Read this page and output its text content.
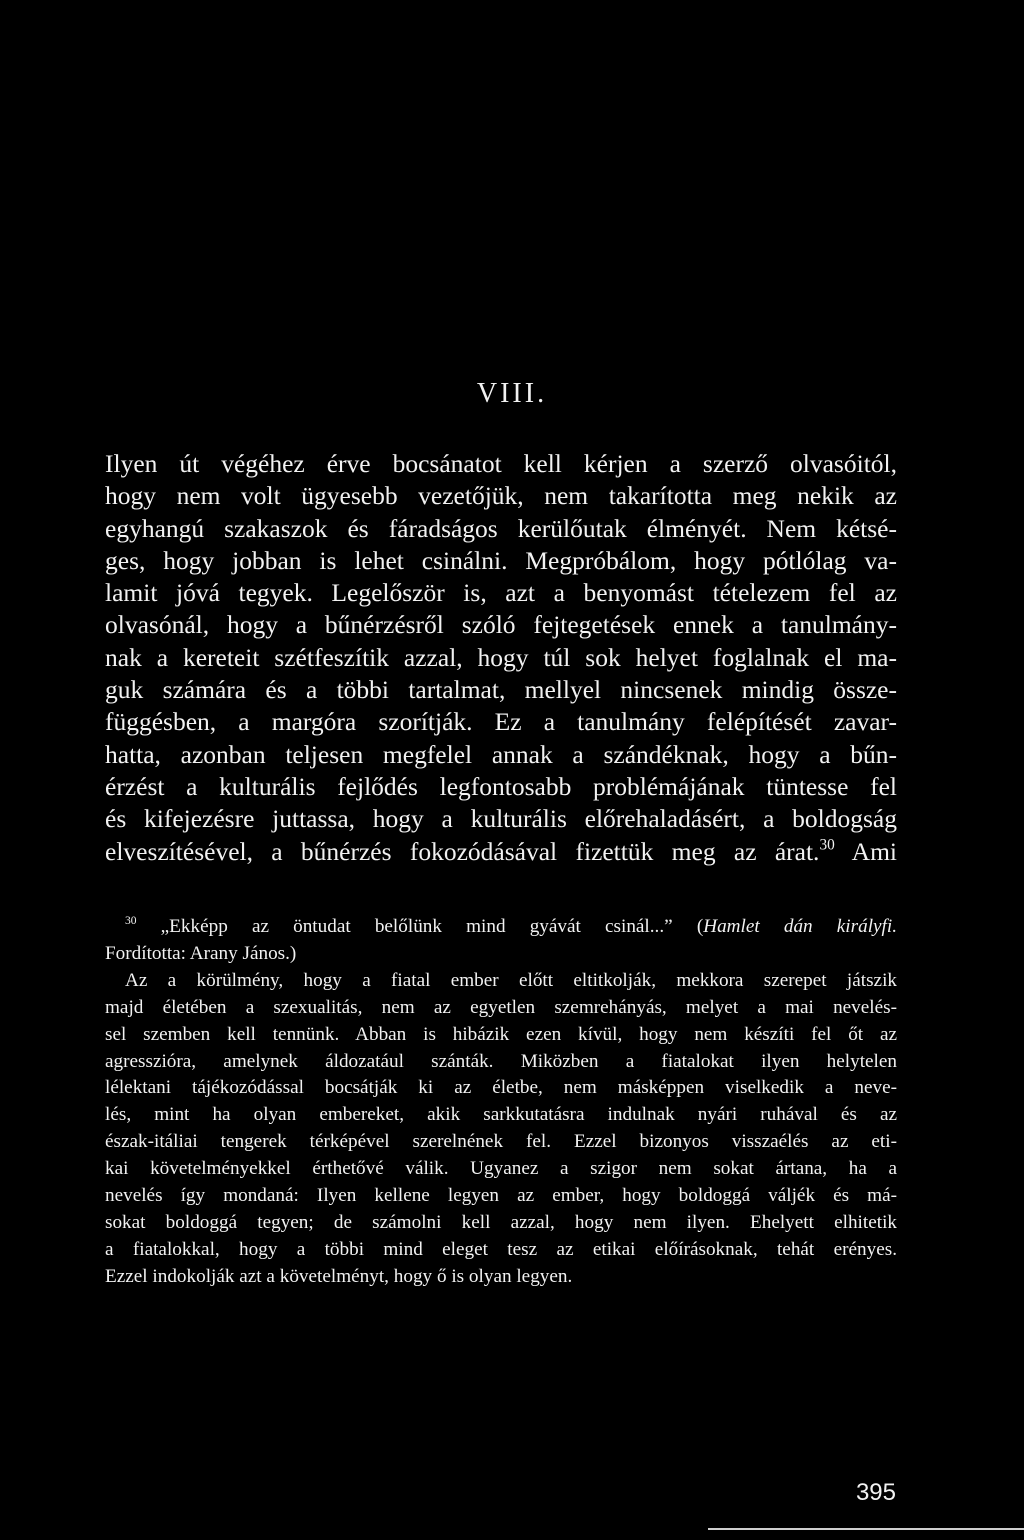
VIII.
Ilyen út végéhez érve bocsánatot kell kérjen a szerző olvasóitól,
hogy nem volt ügyesebb vezetőjük, nem takarította meg nekik az
egyhangú szakaszok és fáradságos kerülőutak élményét. Nem kétsé-
ges, hogy jobban is lehet csinálni. Megpróbálom, hogy pótlólag va-
lamit jóvá tegyek. Legelőször is, azt a benyomást tételezem fel az
olvasónál, hogy a bűnérzésről szóló fejtegetések ennek a tanulmány-
nak a kereteit szétfeszítik azzal, hogy túl sok helyet foglalnak el ma-
guk számára és a többi tartalmat, mellyel nincsenek mindig össze-
függésben, a margóra szorítják. Ez a tanulmány felépítését zavar-
hatta, azonban teljesen megfelel annak a szándéknak, hogy a bűn-
érzést a kulturális fejlődés legfontosabb problémájának tüntesse fel
és kifejezésre juttassa, hogy a kulturális előrehaladásért, a boldogság
elveszítésével, a bűnérzés fokozódásával fizettük meg az árat.$^{30}$ Ami
$^{30}$ „Ekképp az öntudat belőlünk mind gyávát csinál...” (Hamlet dán királyfi.
Fordította: Arany János.)
Az a körülmény, hogy a fiatal ember előtt eltitkolják, mekkora szerepet játszik
majd életében a szexualitás, nem az egyetlen szemrehányás, melyet a mai nevelés-
sel szemben kell tennünk. Abban is hibázik ezen kívül, hogy nem készíti fel őt az
agresszióra, amelynek áldozatául szánták. Miközben a fiatalokat ilyen helytelen
lélektani tájékozódással bocsátják ki az életbe, nem másképpen viselkedik a neve-
lés, mint ha olyan embereket, akik sarkkutatásra indulnak nyári ruhával és az
észak-itáliai tengerek térképével szerelnének fel. Ezzel bizonyos visszaélés az eti-
kai követelményekkel érthetővé válik. Ugyanez a szigor nem sokat ártana, ha a
nevelés így mondaná: Ilyen kellene legyen az ember, hogy boldoggá váljék és má-
sokat boldoggá tegyen; de számolni kell azzal, hogy nem ilyen. Ehelyett elhitetik
a fiatalokkal, hogy a többi mind eleget tesz az etikai előírásoknak, tehát erényes.
Ezzel indokolják azt a követelményt, hogy ő is olyan legyen.
395
